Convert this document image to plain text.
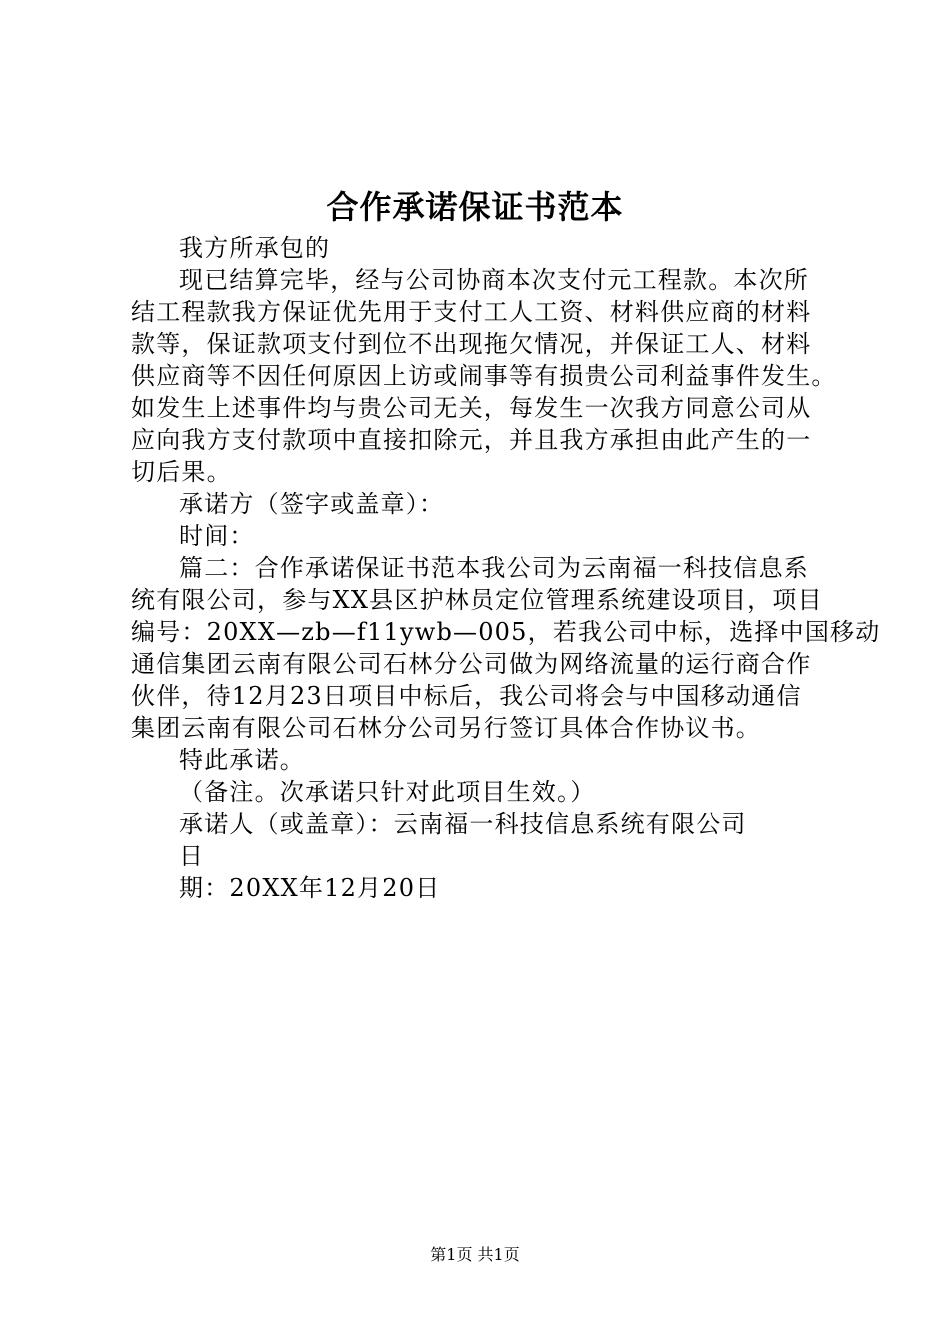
合作承诺保证书范本
我方所承包的
现已结算完毕，经与公司协商本次支付元工程款。本次所
结工程款我方保证优先用于支付工人工资、材料供应商的材料
款等，保证款项支付到位不出现拖欠情况，并保证工人、材料
供应商等不因任何原因上访或闹事等有损贵公司利益事件发生。
如发生上述事件均与贵公司无关，每发生一次我方同意公司从
应向我方支付款项中直接扣除元，并且我方承担由此产生的一
切后果。
承诺方（签字或盖章）：
时间：
篇二：合作承诺保证书范本我公司为云南福一科技信息系
统有限公司，参与XX县区护林员定位管理系统建设项目，项目
编号：20XX—zb—f11ywb—005，若我公司中标，选择中国移动
通信集团云南有限公司石林分公司做为网络流量的运行商合作
伙伴，待12月23日项目中标后，我公司将会与中国移动通信
集团云南有限公司石林分公司另行签订具体合作协议书。
特此承诺。
（备注。次承诺只针对此项目生效。）
承诺人（或盖章）：云南福一科技信息系统有限公司
日
期：20XX年12月20日
第1页 共1页
